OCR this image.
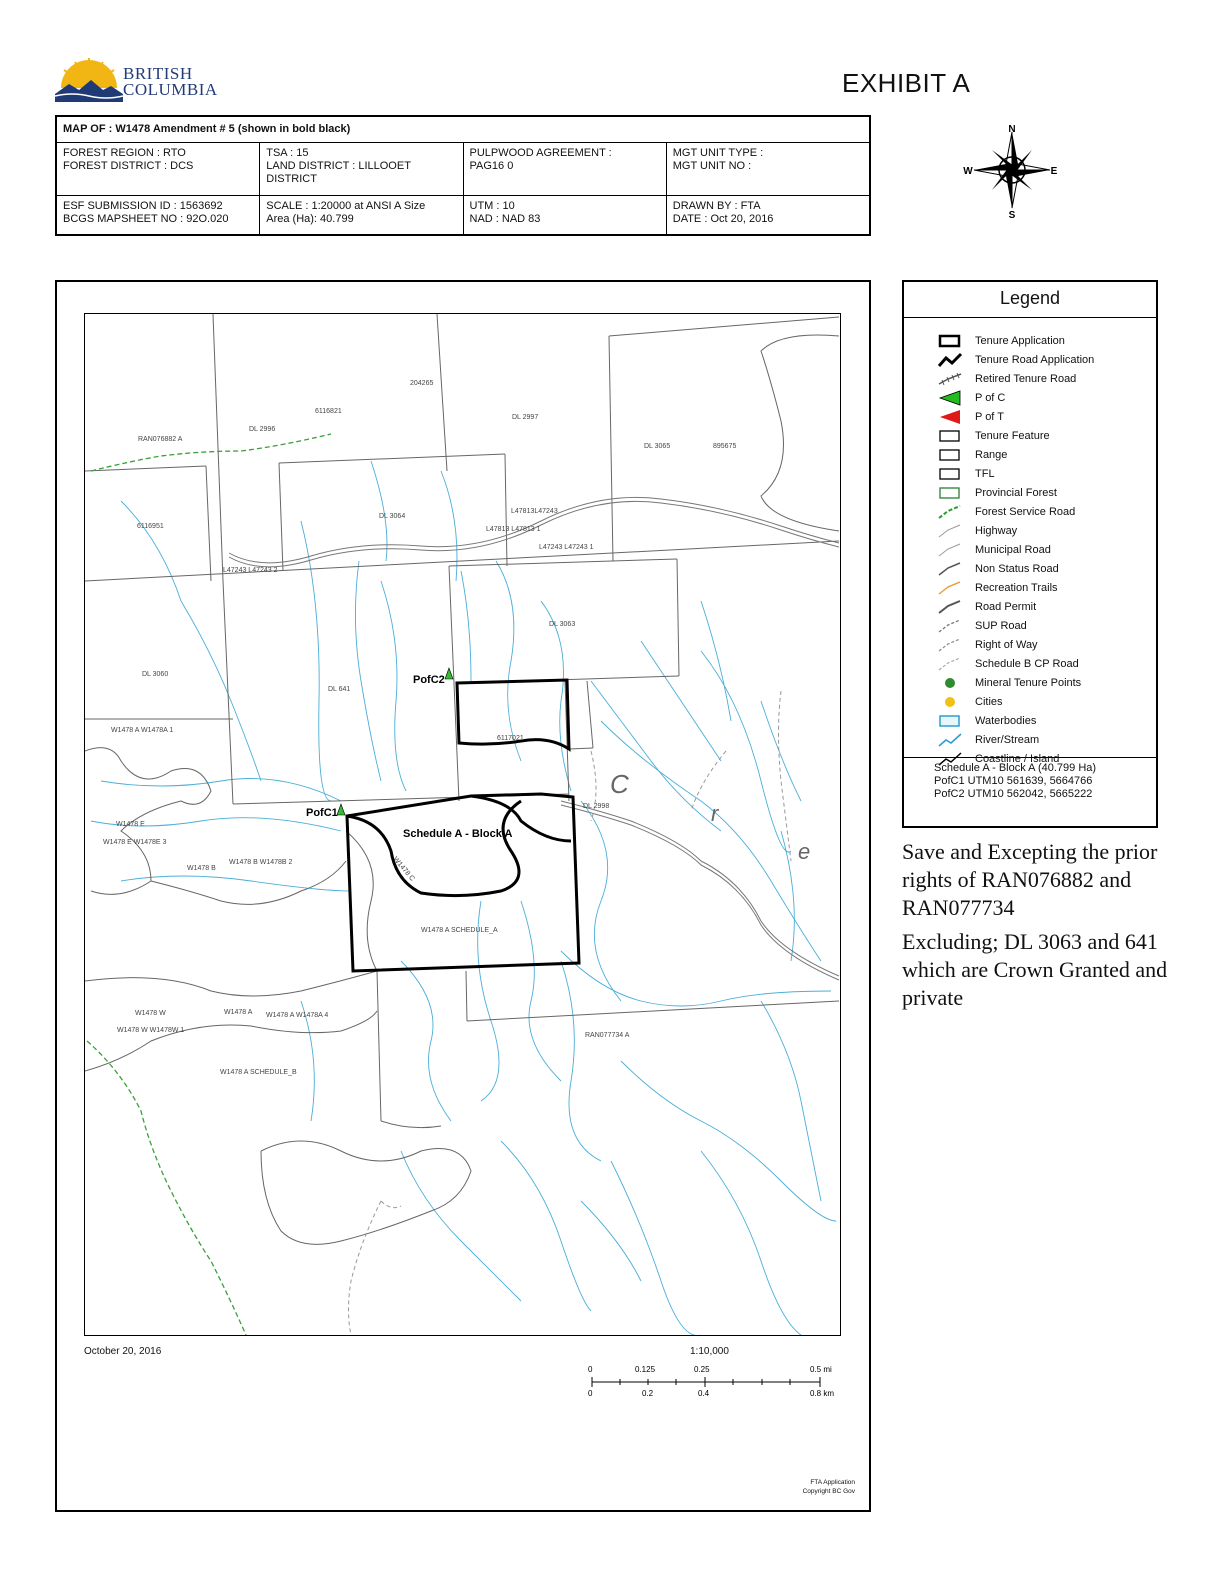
BRITISH
COLUMBIA	EXHIBIT A
MAP OF : W1478 Amendment # 5 (shown in bold black)
FOREST REGION : RTO
FOREST DISTRICT : DCS
TSA : 15
LAND DISTRICT : LILLOOET
DISTRICT
PULPWOOD AGREEMENT :
PAG16 0
MGT UNIT TYPE :
MGT UNIT NO :
ESF SUBMISSION ID : 1563692
BCGS MAPSHEET NO : 92O.020
SCALE : 1:20000 at ANSI A Size
Area (Ha): 40.799
UTM : 10
NAD : NAD 83
DRAWN BY : FTA
DATE : Oct 20, 2016
N
S
E
W
Legend
Tenure Application
Tenure Road Application
Retired Tenure Road
P of C
P of T
Tenure Feature
Range
TFL
Provincial Forest
Forest Service Road
Highway
Municipal Road
Non Status Road
Recreation Trails
Road Permit
SUP Road
Right of Way
Schedule B CP Road
Mineral Tenure Points
Cities
Waterbodies
River/Stream
Coastline / Island
Schedule A - Block A (40.799 Ha)
PofC1 UTM10 561639, 5664766
PofC2 UTM10 562042, 5665222

Save and Excepting the prior rights of RAN076882 and RAN077734

Excluding; DL 3063 and 641 which are Crown Granted and private

204265
6116821
DL 2997
DL 2996
RAN076882 A
DL 3065	895675
6116951
DL 3064
L47813L47243
L47813 L47813 1
L47243 L47243 1
L47243 L47243 2
DL 3063
DL 3060
DL 641
W1478 A W1478A 1
6117021
DL 2998
W1478 E
W1478 E W1478E 3
W1478 B W1478B 2
W1478 B	W1478 C
W1478 A SCHEDULE_A
W1478 W	W1478 A W1478 A W1478A 4
W1478 W W1478W 1
RAN077734 A
W1478 A SCHEDULE_B
PofC2
PofC1
Schedule A - Block A
C
r
e
October 20, 2016	1:10,000
0	0.125	0.25	0.5 mi
0	0.2	0.4	0.8 km
FTA Application
Copyright BC Gov
